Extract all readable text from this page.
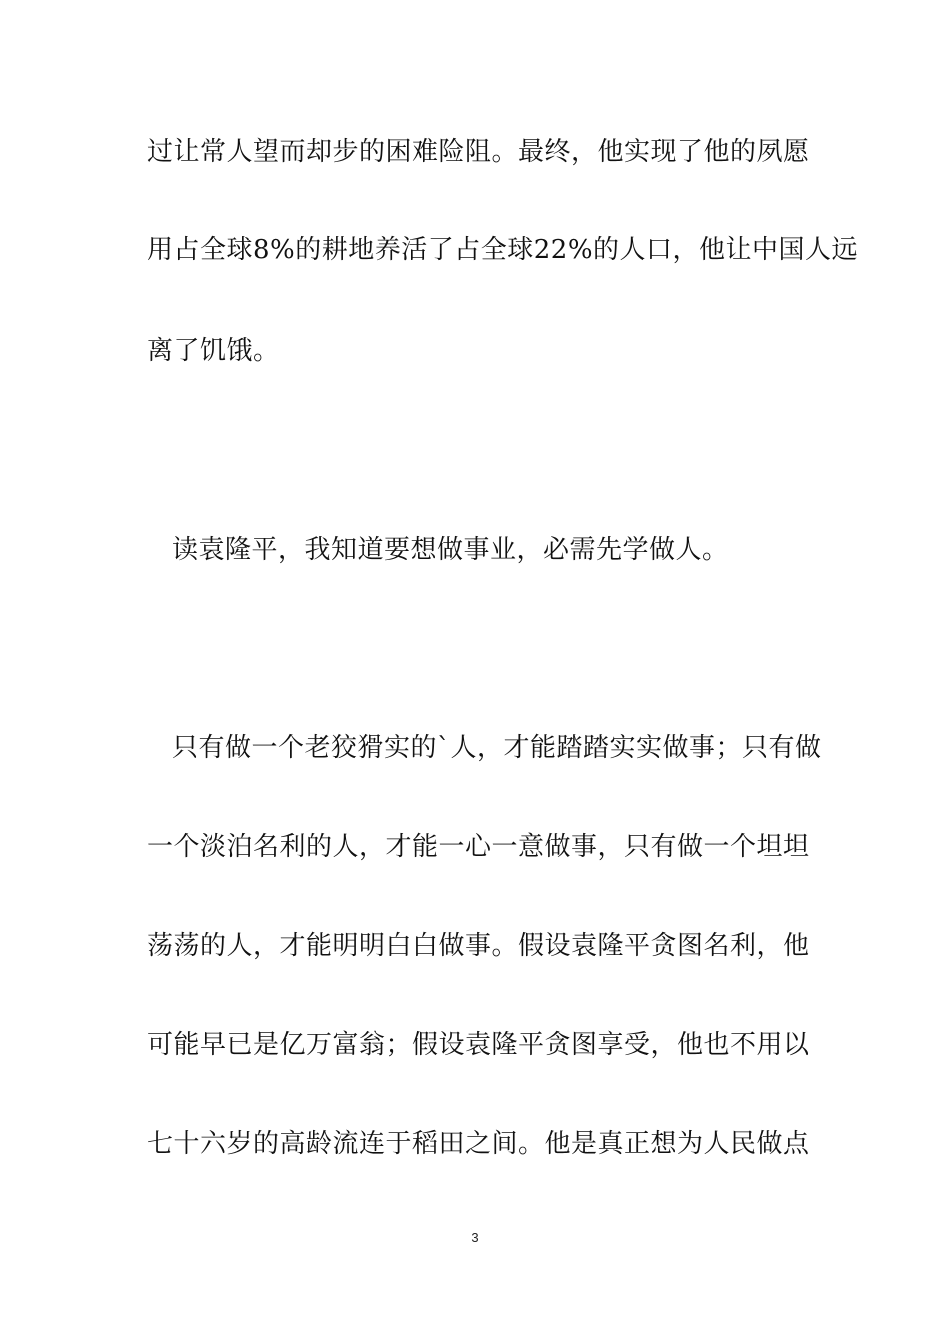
过让常人望而却步的困难险阻。最终，他实现了他的夙愿
用占全球8%的耕地养活了占全球22%的人口，他让中国人远
离了饥饿。
读袁隆平，我知道要想做事业，必需先学做人。
只有做一个老狡猾实的`人，才能踏踏实实做事；只有做
一个淡泊名利的人，才能一心一意做事，只有做一个坦坦
荡荡的人，才能明明白白做事。假设袁隆平贪图名利，他
可能早已是亿万富翁；假设袁隆平贪图享受，他也不用以
七十六岁的高龄流连于稻田之间。他是真正想为人民做点
3
